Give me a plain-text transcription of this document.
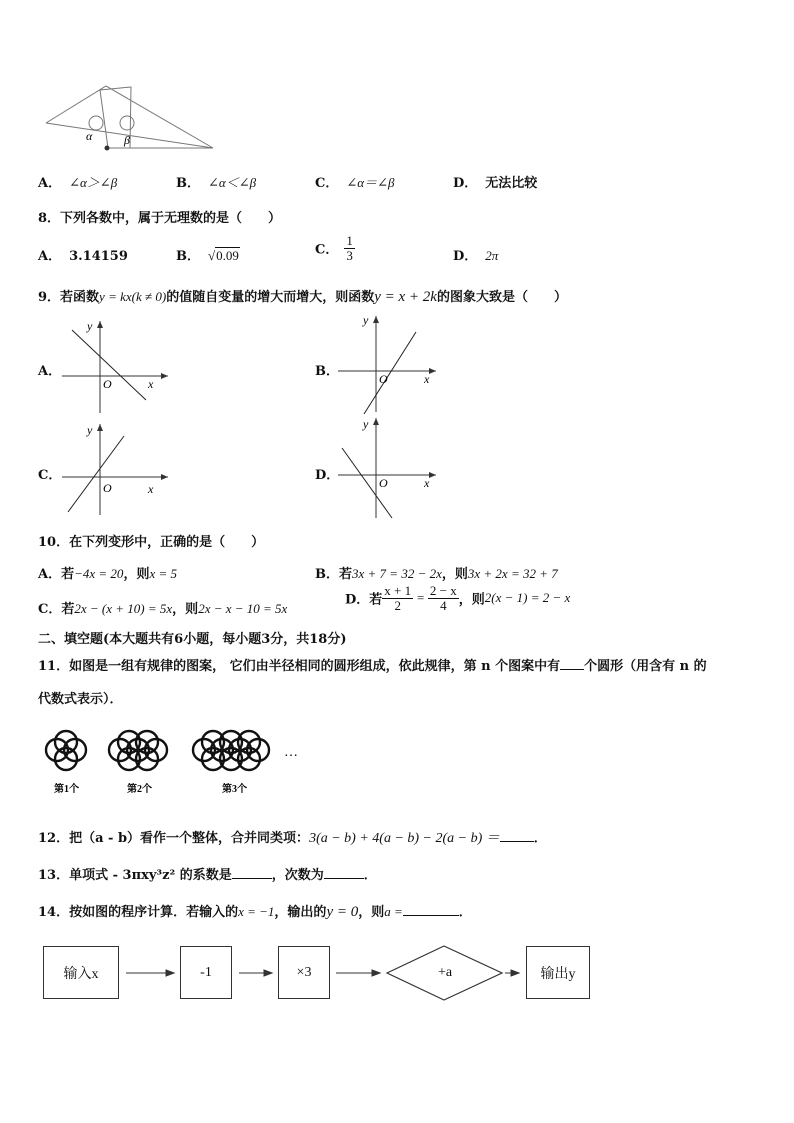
α	β
A． ∠α＞∠β	B． ∠α＜∠β	C． ∠α＝∠β	D． 无法比较
8．下列各数中，属于无理数的是（　　）
A． 3.14159	B． √0.09	C． $\frac{1}{3}$	D． 2π
9．若函数y = kx(k ≠ 0)的值随自变量的增大而增大，则函数y = x + 2k的图象大致是（　　）
A．
y
x
O
B．
y
x
O
C．
y
x
O
D．
y
x
O
10．在下列变形中，正确的是（　　）
A．若−4x = 20，则x = 5	B．若3x + 7 = 32 − 2x，则3x + 2x = 32 + 7
C．若2x − (x + 10) = 5x，则2x − x − 10 = 5x
D．若 $\frac{x + 1}{2} = \frac{2 - x}{4}$ ，则2(x − 1) = 2 − x
二、填空题(本大题共有6小题，每小题3分，共18分)
11．如图是一组有规律的图案， 它们由半径相同的圆形组成，依此规律，第 n 个图案中有 个圆形（用含有 n 的
代数式表示）．
…
第1个	第2个	第3个
12．把（a - b）看作一个整体，合并同类项：3(a − b) + 4(a − b) − 2(a − b) ＝	．
13．单项式 - 3πxy³z² 的系数是	，次数为	．
14．按如图的程序计算．若输入的x = −1，输出的y = 0，则a =	．
输入x	-1	×3	+a	输出y
